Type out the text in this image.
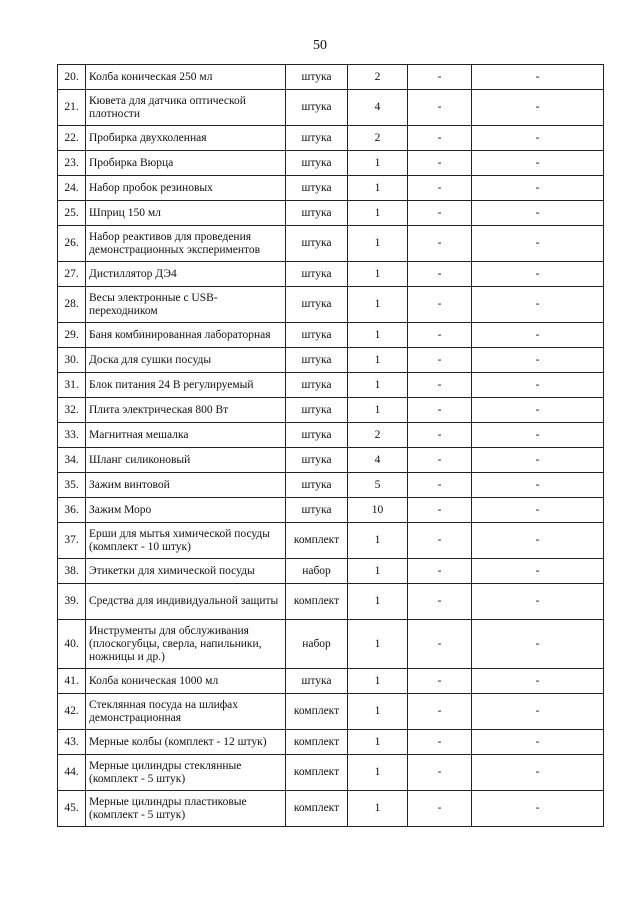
50
20.	Колба коническая 250 мл	штука	2	-	-
21.	Кювета для датчика оптической плотности	штука	4	-	-
22.	Пробирка двухколенная	штука	2	-	-
23.	Пробирка Вюрца	штука	1	-	-
24.	Набор пробок резиновых	штука	1	-	-
25.	Шприц 150 мл	штука	1	-	-
26.	Набор реактивов для проведения демонстрационных экспериментов	штука	1	-	-
27.	Дистиллятор ДЭ4	штука	1	-	-
28.	Весы электронные с USB-переходником	штука	1	-	-
29.	Баня комбинированная лабораторная	штука	1	-	-
30.	Доска для сушки посуды	штука	1	-	-
31.	Блок питания 24 В регулируемый	штука	1	-	-
32.	Плита электрическая 800 Вт	штука	1	-	-
33.	Магнитная мешалка	штука	2	-	-
34.	Шланг силиконовый	штука	4	-	-
35.	Зажим винтовой	штука	5	-	-
36.	Зажим Моро	штука	10	-	-
37.	Ерши для мытья химической посуды (комплект - 10 штук)	комплект	1	-	-
38.	Этикетки для химической посуды	набор	1	-	-
39.	Средства для индивидуальной защиты	комплект	1	-	-
40.	Инструменты для обслуживания (плоскогубцы, сверла, напильники, ножницы и др.)	набор	1	-	-
41.	Колба коническая 1000 мл	штука	1	-	-
42.	Стеклянная посуда на шлифах демонстрационная	комплект	1	-	-
43.	Мерные колбы (комплект - 12 штук)	комплект	1	-	-
44.	Мерные цилиндры стеклянные (комплект - 5 штук)	комплект	1	-	-
45.	Мерные цилиндры пластиковые (комплект - 5 штук)	комплект	1	-	-
